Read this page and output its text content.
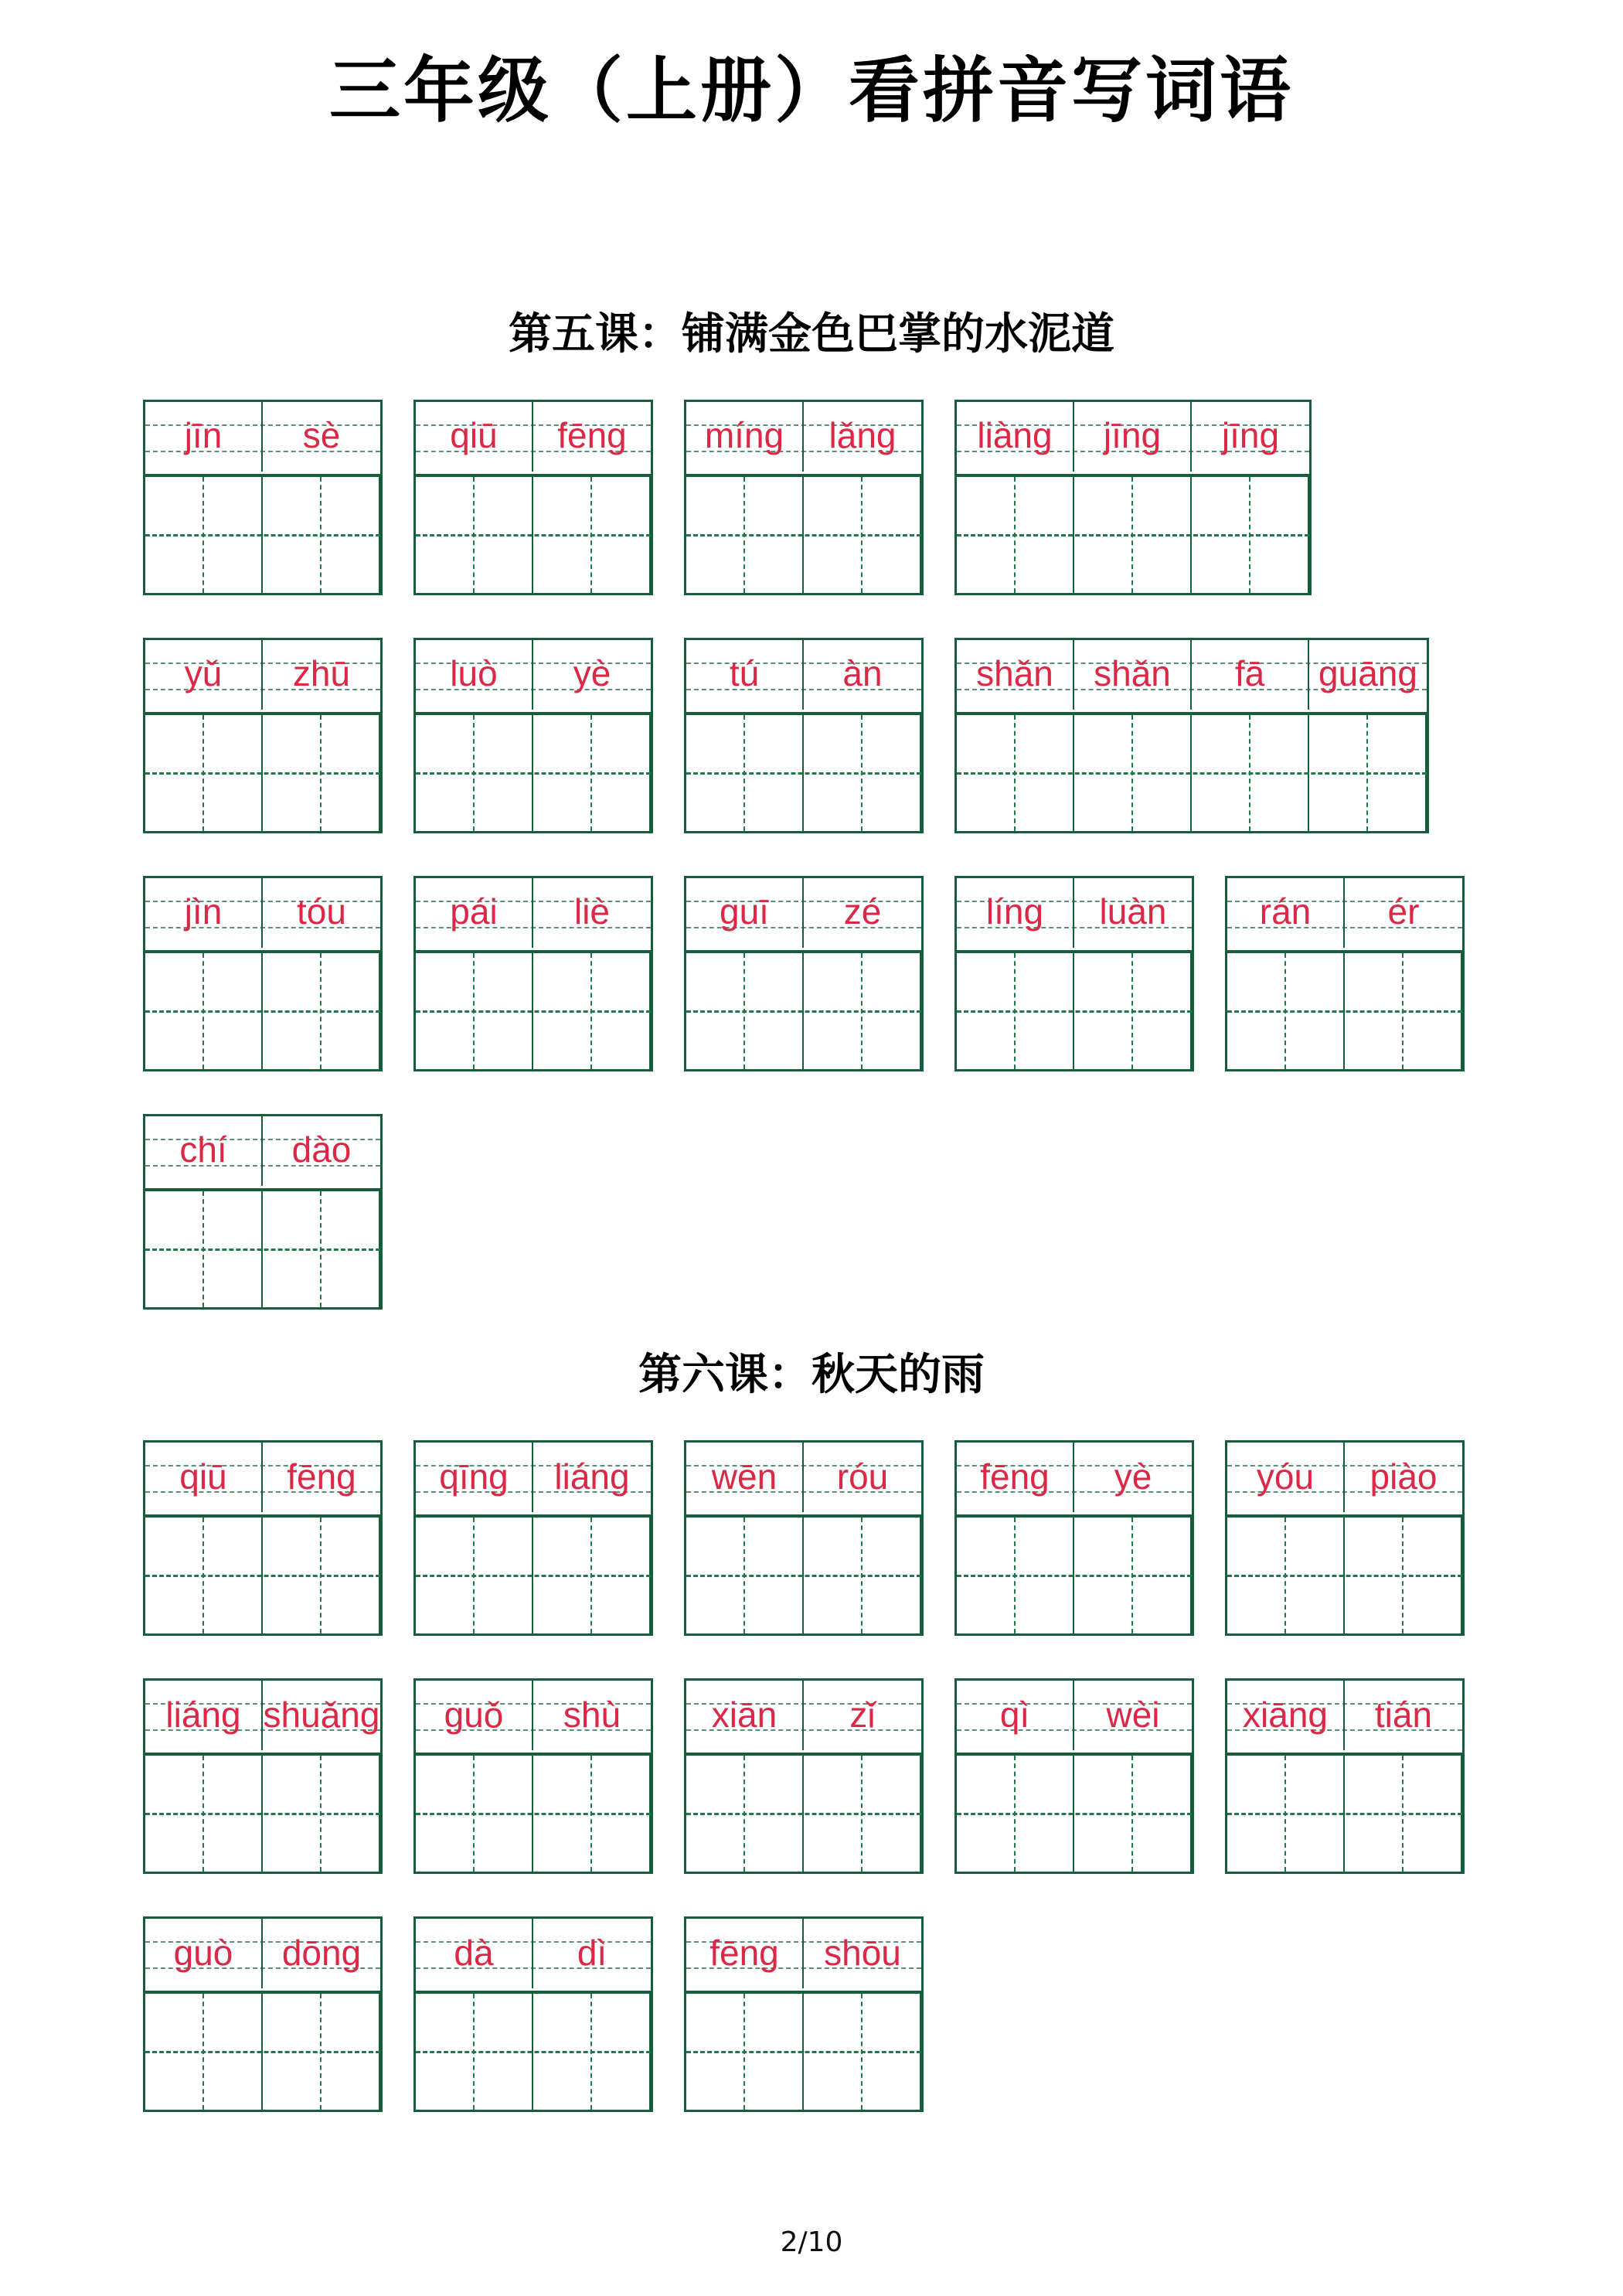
三年级（上册）看拼音写词语
第五课：铺满金色巴掌的水泥道
jīn	sè	qiū	fēng	míng	lǎng	liàng	jīng	jīng
yǔ	zhū	luò	yè	tú	àn	shǎn	shǎn	fā	guāng
jìn	tóu	pái	liè	guī	zé	líng	luàn	rán	ér
chí	dào
第六课：秋天的雨
qiū	fēng	qīng	liáng	wēn	róu	fēng	yè	yóu	piào
liáng shuǎng	guǒ	shù	xiān	zǐ	qì	wèi	xiāng	tián
guò	dōng	dà	dì	fēng	shōu
2/10
